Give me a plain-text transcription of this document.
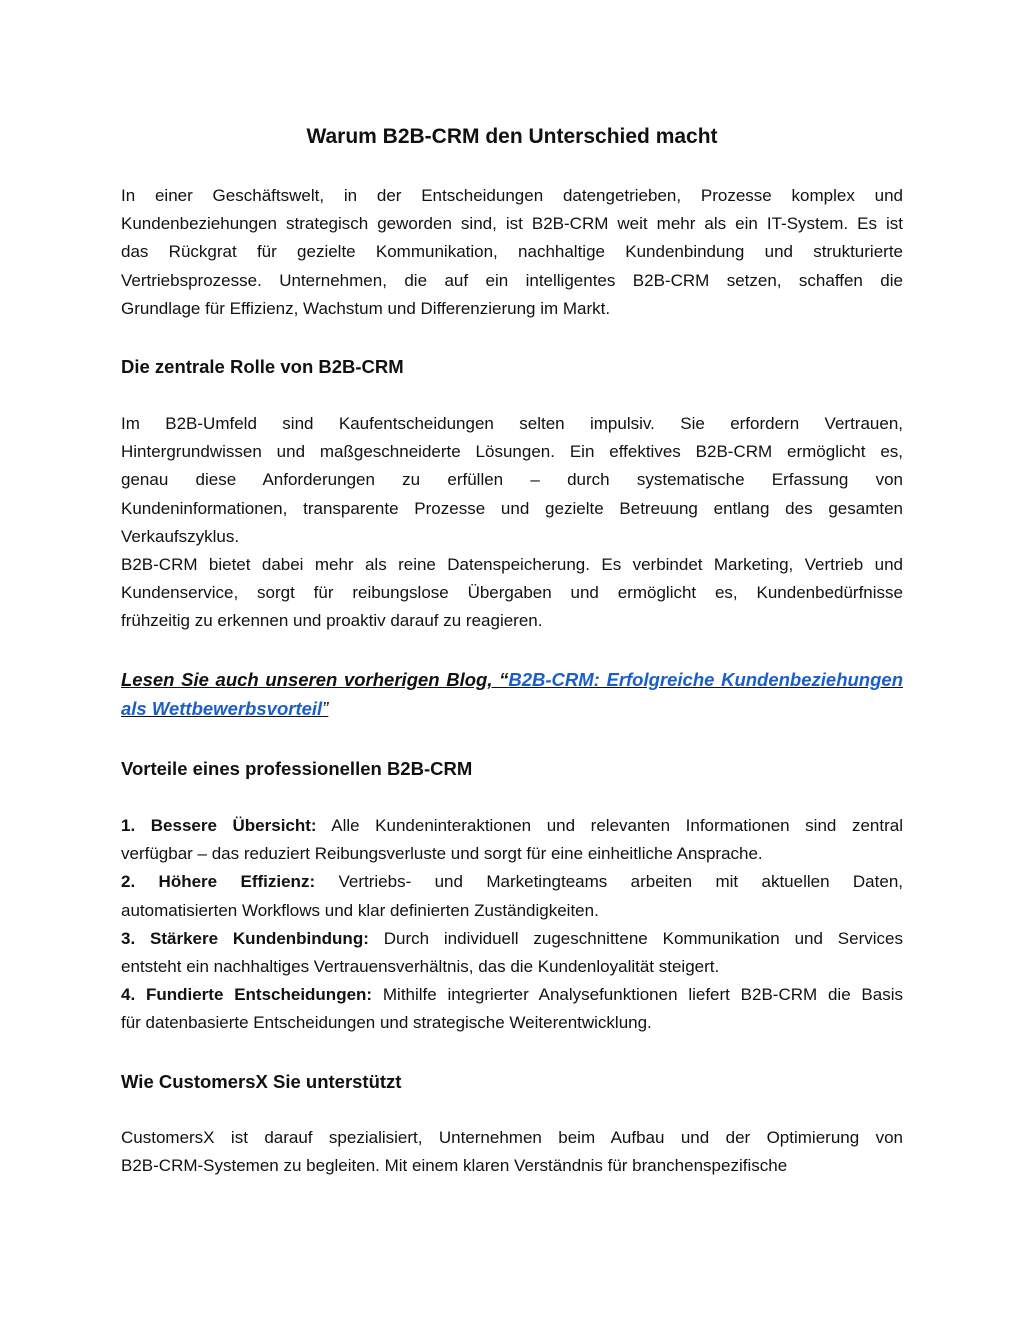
Warum B2B-CRM den Unterschied macht
In einer Geschäftswelt, in der Entscheidungen datengetrieben, Prozesse komplex und
Kundenbeziehungen strategisch geworden sind, ist B2B-CRM weit mehr als ein IT-System. Es ist
das Rückgrat für gezielte Kommunikation, nachhaltige Kundenbindung und strukturierte
Vertriebsprozesse. Unternehmen, die auf ein intelligentes B2B-CRM setzen, schaffen die
Grundlage für Effizienz, Wachstum und Differenzierung im Markt.
Die zentrale Rolle von B2B-CRM
Im B2B-Umfeld sind Kaufentscheidungen selten impulsiv. Sie erfordern Vertrauen,
Hintergrundwissen und maßgeschneiderte Lösungen. Ein effektives B2B-CRM ermöglicht es,
genau diese Anforderungen zu erfüllen – durch systematische Erfassung von
Kundeninformationen, transparente Prozesse und gezielte Betreuung entlang des gesamten
Verkaufszyklus.
B2B-CRM bietet dabei mehr als reine Datenspeicherung. Es verbindet Marketing, Vertrieb und
Kundenservice, sorgt für reibungslose Übergaben und ermöglicht es, Kundenbedürfnisse
frühzeitig zu erkennen und proaktiv darauf zu reagieren.
Lesen Sie auch unseren vorherigen Blog, “B2B-CRM: Erfolgreiche Kundenbeziehungen
als Wettbewerbsvorteil”
Vorteile eines professionellen B2B-CRM
1. Bessere Übersicht: Alle Kundeninteraktionen und relevanten Informationen sind zentral
verfügbar – das reduziert Reibungsverluste und sorgt für eine einheitliche Ansprache.
2. Höhere Effizienz: Vertriebs- und Marketingteams arbeiten mit aktuellen Daten,
automatisierten Workflows und klar definierten Zuständigkeiten.
3. Stärkere Kundenbindung: Durch individuell zugeschnittene Kommunikation und Services
entsteht ein nachhaltiges Vertrauensverhältnis, das die Kundenloyalität steigert.
4. Fundierte Entscheidungen: Mithilfe integrierter Analysefunktionen liefert B2B-CRM die Basis
für datenbasierte Entscheidungen und strategische Weiterentwicklung.
Wie CustomersX Sie unterstützt
CustomersX ist darauf spezialisiert, Unternehmen beim Aufbau und der Optimierung von
B2B-CRM-Systemen zu begleiten. Mit einem klaren Verständnis für branchenspezifische
